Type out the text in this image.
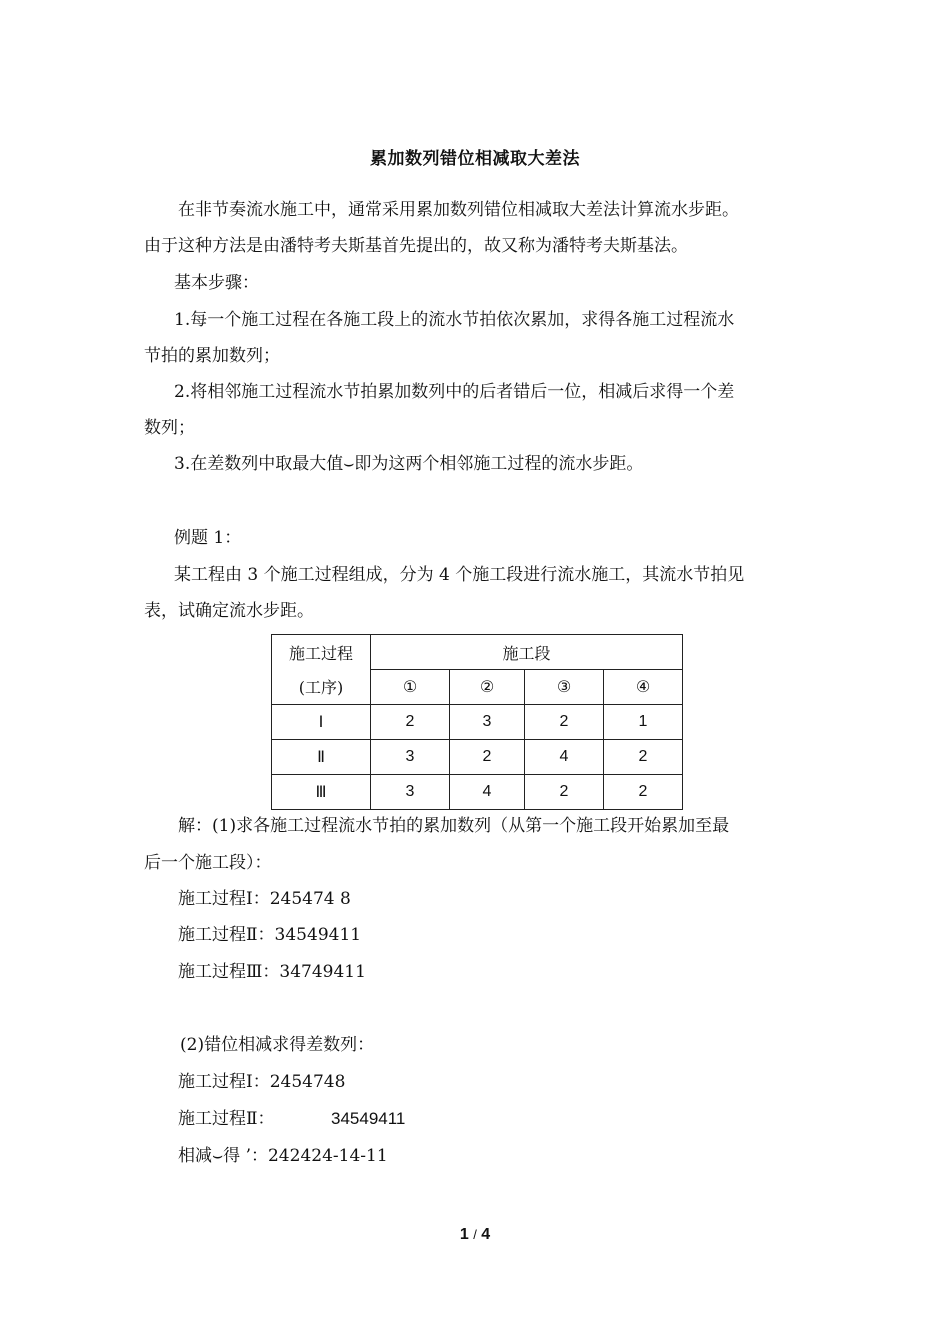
累加数列错位相减取大差法
在非节奏流水施工中，通常采用累加数列错位相减取大差法计算流水步距。
由于这种方法是由潘特考夫斯基首先提出的，故又称为潘特考夫斯基法。
基本步骤：
1.每一个施工过程在各施工段上的流水节拍依次累加，求得各施工过程流水
节拍的累加数列；
2.将相邻施工过程流水节拍累加数列中的后者错后一位，相减后求得一个差
数列；
3.在差数列中取最大值⌣即为这两个相邻施工过程的流水步距。
例题 1：
某工程由 3 个施工过程组成，分为 4 个施工段进行流水施工，其流水节拍见
表，试确定流水步距。
施工过程	施工段			
(工序)	①	②	③	④
Ⅰ	2	3	2	1
Ⅱ	3	2	4	2
Ⅲ	3	4	2	2
解：(1)求各施工过程流水节拍的累加数列（从第一个施工段开始累加至最
后一个施工段）：
施工过程Ⅰ：245474 8
施工过程Ⅱ：34549411
施工过程Ⅲ：34749411
(2)错位相减求得差数列：
施工过程Ⅰ：2454748
施工过程Ⅱ：	34549411
相减⌣得 ’：242424-14-11
1 / 4
